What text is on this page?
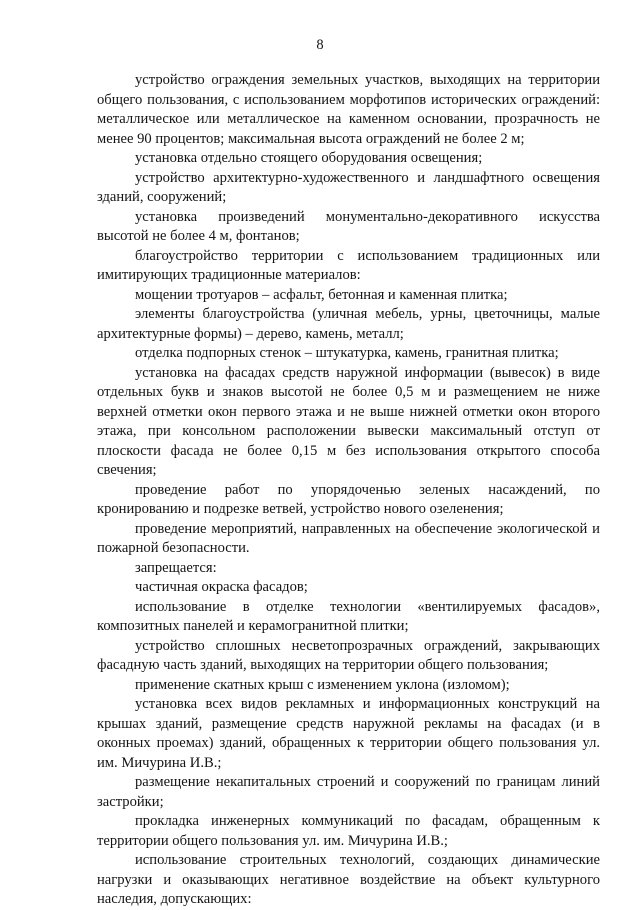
8

устройство ограждения земельных участков, выходящих на территории общего пользования, с использованием морфотипов исторических ограждений: металлическое или металлическое на каменном основании, прозрачность не менее 90 процентов; максимальная высота ограждений не более 2 м;

установка отдельно стоящего оборудования освещения;

устройство архитектурно-художественного и ландшафтного освещения зданий, сооружений;

установка произведений монументально-декоративного искусства высотой не более 4 м, фонтанов;

благоустройство территории с использованием традиционных или имитирующих традиционные материалов:

мощении тротуаров – асфальт, бетонная и каменная плитка;

элементы благоустройства (уличная мебель, урны, цветочницы, малые архитектурные формы) – дерево, камень, металл;

отделка подпорных стенок – штукатурка, камень, гранитная плитка;

установка на фасадах средств наружной информации (вывесок) в виде отдельных букв и знаков высотой не более 0,5 м и размещением не ниже верхней отметки окон первого этажа и не выше нижней отметки окон второго этажа, при консольном расположении вывески максимальный отступ от плоскости фасада не более 0,15 м без использования открытого способа свечения;

проведение работ по упорядоченью зеленых насаждений, по кронированию и подрезке ветвей, устройство нового озеленения;

проведение мероприятий, направленных на обеспечение экологической и пожарной безопасности.

запрещается:

частичная окраска фасадов;

использование в отделке технологии «вентилируемых фасадов», композитных панелей и керамогранитной плитки;

устройство сплошных несветопрозрачных ограждений, закрывающих фасадную часть зданий, выходящих на территории общего пользования;

применение скатных крыш с изменением уклона (изломом);

установка всех видов рекламных и информационных конструкций на крышах зданий, размещение средств наружной рекламы на фасадах (и в оконных проемах) зданий, обращенных к территории общего пользования ул. им. Мичурина И.В.;

размещение некапитальных строений и сооружений по границам линий застройки;

прокладка инженерных коммуникаций по фасадам, обращенным к территории общего пользования ул. им. Мичурина И.В.;

использование строительных технологий, создающих динамические нагрузки и оказывающих негативное воздействие на объект культурного наследия, допускающих:
